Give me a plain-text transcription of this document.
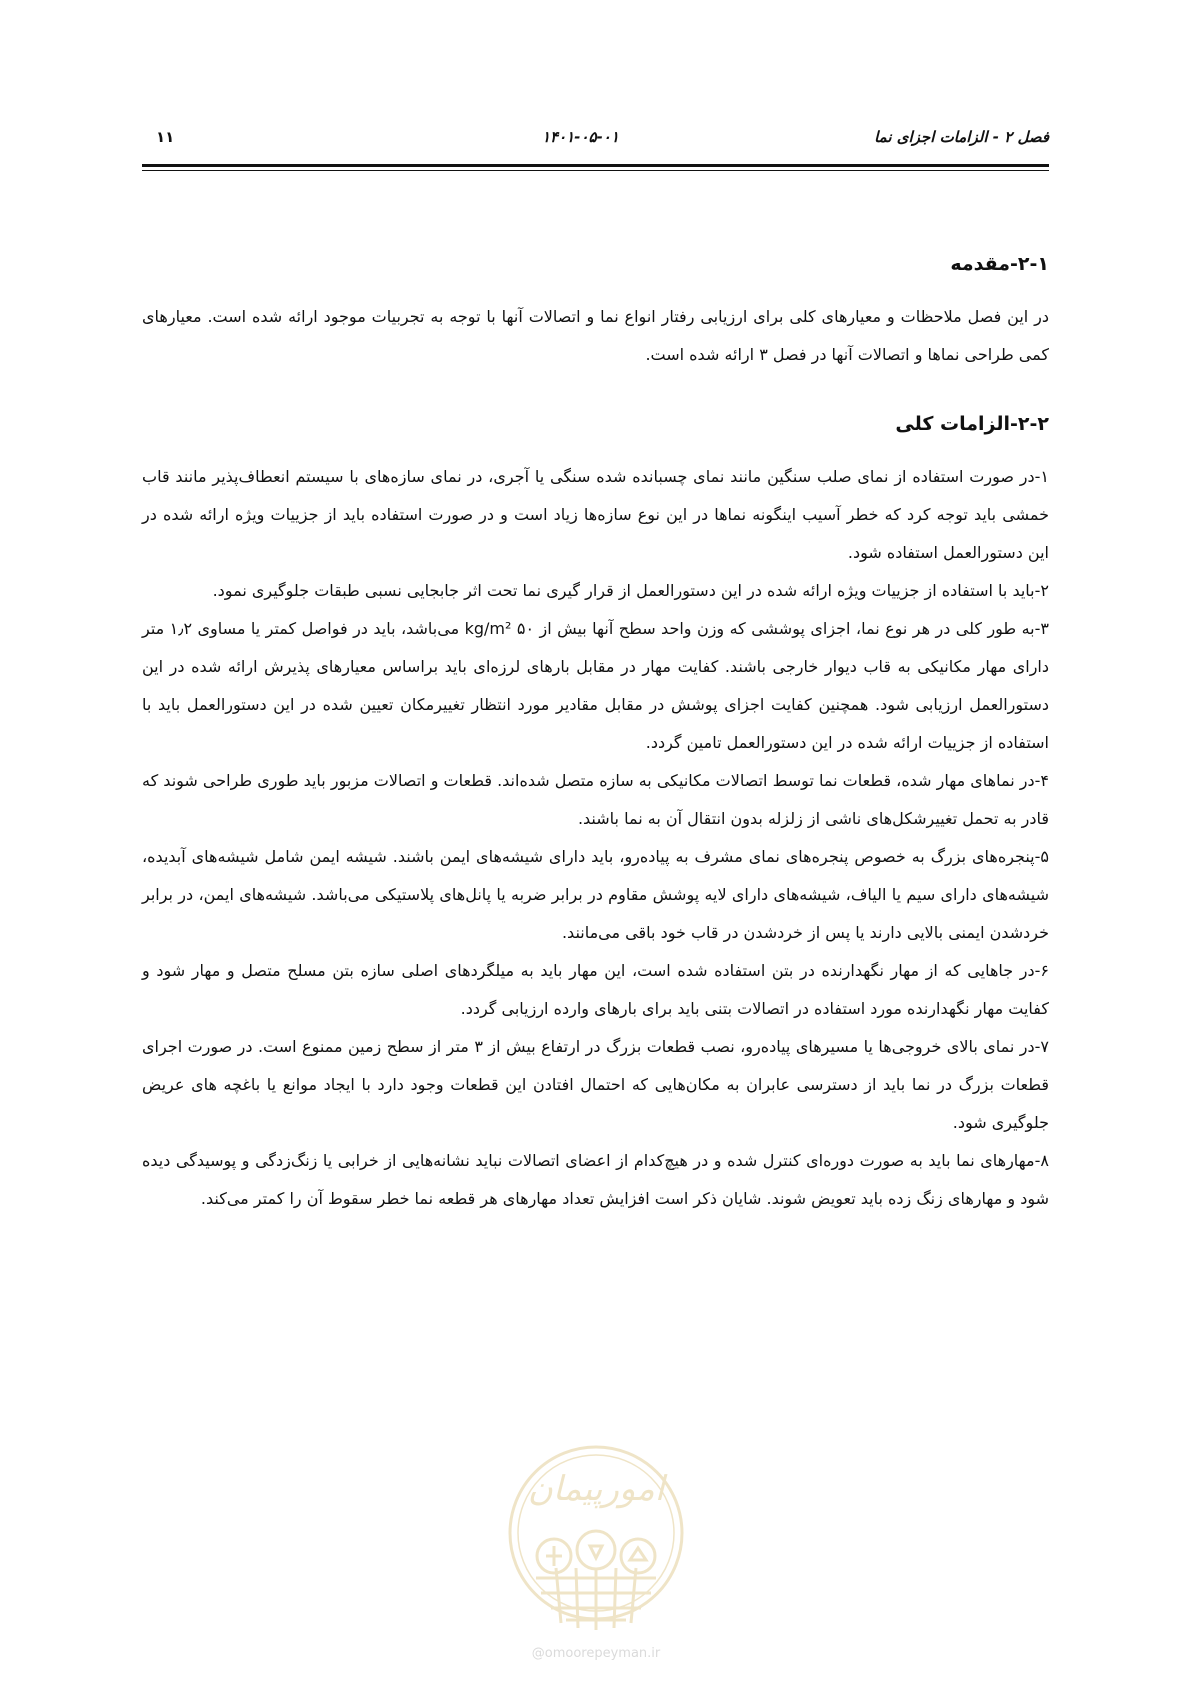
فصل ۲ - الزامات اجزای نما
۱۴۰۱-۰۵-۰۱
۱۱
۲-۱-مقدمه

در این فصل ملاحظات و معیارهای کلی برای ارزیابی رفتار انواع نما و اتصالات آنها با توجه به تجربیات موجود ارائه شده است. معیارهای کمی طراحی نماها و اتصالات آنها در فصل ۳ ارائه شده است.

۲-۲-الزامات کلی

۱-در صورت استفاده از نمای صلب سنگین مانند نمای چسبانده شده سنگی یا آجری، در نمای سازه‌های با سیستم انعطاف‌پذیر مانند قاب خمشی باید توجه کرد که خطر آسیب اینگونه نماها در این نوع سازه‌ها زیاد است و در صورت استفاده باید از جزییات ویژه ارائه شده در این دستورالعمل استفاده شود.

۲-باید با استفاده از جزییات ویژه ارائه شده در این دستورالعمل از قرار گیری نما تحت اثر جابجایی نسبی طبقات جلوگیری نمود.

۳-به طور کلی در هر نوع نما، اجزای پوششی که وزن واحد سطح آنها بیش از ۵۰ kg/m² می‌باشد، باید در فواصل کمتر یا مساوی ۱٫۲ متر دارای مهار مکانیکی به قاب دیوار خارجی باشند. کفایت مهار در مقابل بارهای لرزه‌ای باید براساس معیارهای پذیرش ارائه شده در این دستورالعمل ارزیابی شود. همچنین کفایت اجزای پوشش در مقابل مقادیر مورد انتظار تغییرمکان تعیین شده در این دستورالعمل باید با استفاده از جزییات ارائه شده در این دستورالعمل تامین گردد.

۴-در نماهای مهار شده، قطعات نما توسط اتصالات مکانیکی به سازه متصل شده‌اند. قطعات و اتصالات مزبور باید طوری طراحی شوند که قادر به تحمل تغییرشکل‌های ناشی از زلزله بدون انتقال آن به نما باشند.

۵-پنجره‌های بزرگ به خصوص پنجره‌های نمای مشرف به پیاده‌رو، باید دارای شیشه‌های ایمن باشند. شیشه ایمن شامل شیشه‌های آبدیده، شیشه‌های دارای سیم یا الیاف، شیشه‌های دارای لایه پوشش مقاوم در برابر ضربه یا پانل‌های پلاستیکی می‌باشد. شیشه‌های ایمن، در برابر خردشدن ایمنی بالایی دارند یا پس از خردشدن در قاب خود باقی می‌مانند.

۶-در جاهایی که از مهار نگهدارنده در بتن استفاده شده است، این مهار باید به میلگردهای اصلی سازه بتن مسلح متصل و مهار شود و کفایت مهار نگهدارنده مورد استفاده در اتصالات بتنی باید برای بارهای وارده ارزیابی گردد.

۷-در نمای بالای خروجی‌ها یا مسیرهای پیاده‌رو، نصب قطعات بزرگ در ارتفاع بیش از ۳ متر از سطح زمین ممنوع است. در صورت اجرای قطعات بزرگ در نما باید از دسترسی عابران به مکان‌هایی که احتمال افتادن این قطعات وجود دارد با ایجاد موانع یا باغچه های عریض جلوگیری شود.

۸-مهارهای نما باید به صورت دوره‌ای کنترل شده و در هیچ‌کدام از اعضای اتصالات نباید نشانه‌هایی از خرابی یا زنگ‌زدگی و پوسیدگی دیده شود و مهارهای زنگ زده باید تعویض شوند. شایان ذکر است افزایش تعداد مهارهای هر قطعه نما خطر سقوط آن را کمتر می‌کند.

امورپیمان
@omoorepeyman.ir
